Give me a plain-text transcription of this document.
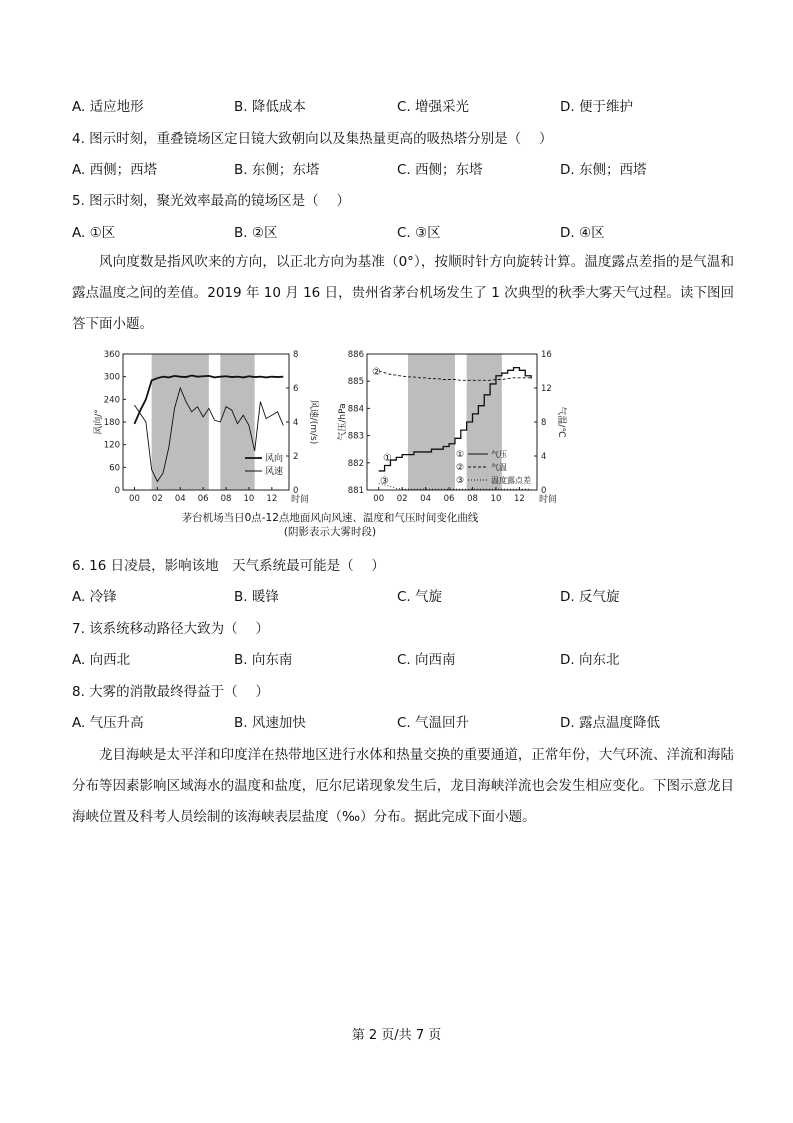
A. 适应地形	B. 降低成本	C. 增强采光	D. 便于维护
4. 图示时刻，重叠镜场区定日镜大致朝向以及集热量更高的吸热塔分别是（　 ）
A. 西侧；西塔	B. 东侧；东塔	C. 西侧；东塔	D. 东侧；西塔
5. 图示时刻，聚光效率最高的镜场区是（　 ）
A. ①区	B. ②区	C. ③区	D. ④区

风向度数是指风吹来的方向，以正北方向为基准（0°），按顺时针方向旋转计算。温度露点差指的是气温和露点温度之间的差值。2019 年 10 月 16 日，贵州省茅台机场发生了 1 次典型的秋季大雾天气过程。读下图回答下面小题。

0
60
120
180
240
300
360
0
2
4
6
8
00 02 04 06 08 10 12 时间
风向/°	风速/(m/s)
风向
风速
881
882
883
884
885
886
0
4
8
12
16
00 02 04 06 08 10 12 时间
气压/hPa	气温/℃
②
①
③
①	气压
②	气温
③	温度露点差
茅台机场当日0点-12点地面风向风速、温度和气压时间变化曲线
(阴影表示大雾时段)
6. 16 日凌晨，影响该地　天气系统最可能是（　 ）
A. 冷锋	B. 暖锋	C. 气旋	D. 反气旋
7. 该系统移动路径大致为（　 ）
A. 向西北	B. 向东南	C. 向西南	D. 向东北
8. 大雾的消散最终得益于（　 ）
A. 气压升高	B. 风速加快	C. 气温回升	D. 露点温度降低

龙目海峡是太平洋和印度洋在热带地区进行水体和热量交换的重要通道，正常年份，大气环流、洋流和海陆分布等因素影响区域海水的温度和盐度，厄尔尼诺现象发生后，龙目海峡洋流也会发生相应变化。下图示意龙目海峡位置及科考人员绘制的该海峡表层盐度（‰）分布。据此完成下面小题。

第 2 页/共 7 页
